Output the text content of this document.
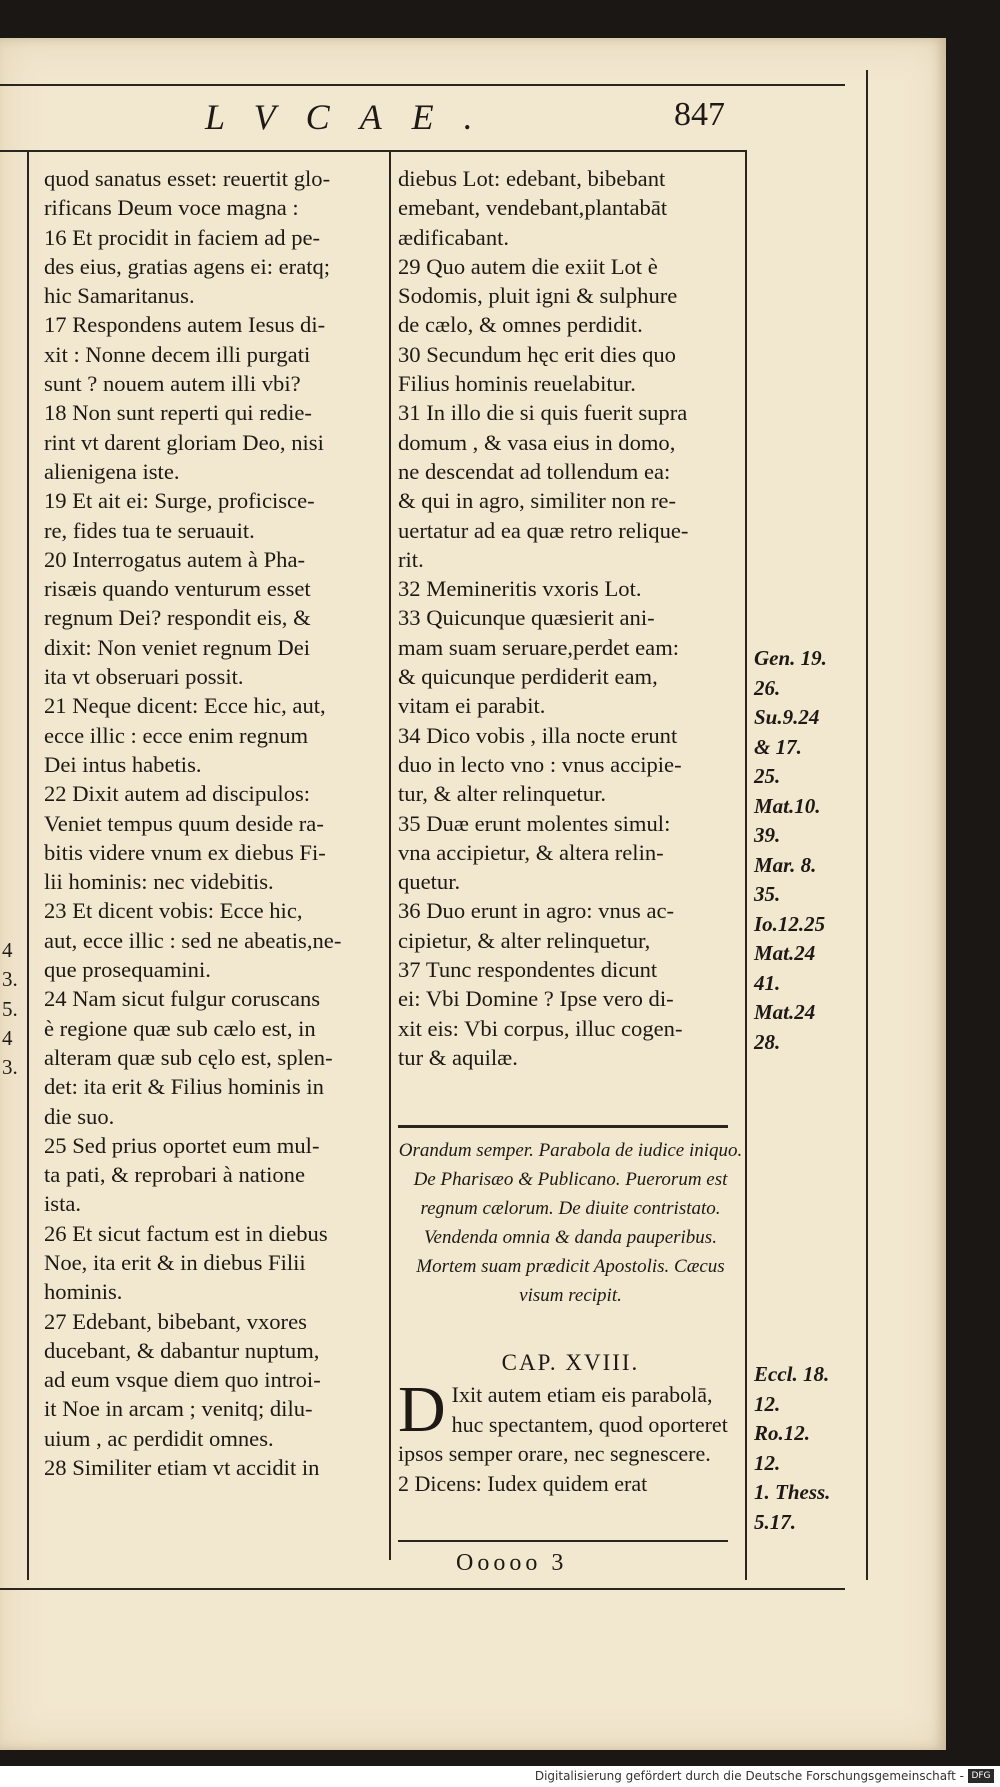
LVCAE.	847
quod sanatus esset: reuertit glo-
rificans Deum voce magna :
16 Et procidit in faciem ad pe-
des eius, gratias agens ei: eratq;
hic Samaritanus.
17 Respondens autem Iesus di-
xit : Nonne decem illi purgati
sunt ? nouem autem illi vbi?
18 Non sunt reperti qui redie-
rint vt darent gloriam Deo, nisi
alienigena iste.
19 Et ait ei: Surge, proficisce-
re, fides tua te seruauit.
20 Interrogatus autem à Pha-
risæis quando venturum esset
regnum Dei? respondit eis, &
dixit: Non veniet regnum Dei
ita vt obseruari possit.
21 Neque dicent: Ecce hic, aut,
ecce illic : ecce enim regnum
Dei intus habetis.
22 Dixit autem ad discipulos:
Veniet tempus quum deside ra-
bitis videre vnum ex diebus Fi-
lii hominis: nec videbitis.
23 Et dicent vobis: Ecce hic,
aut, ecce illic : sed ne abeatis,ne-
que prosequamini.
24 Nam sicut fulgur coruscans
è regione quæ sub cælo est, in
alteram quæ sub cęlo est, splen-
det: ita erit & Filius hominis in
die suo.
25 Sed prius oportet eum mul-
ta pati, & reprobari à natione
ista.
26 Et sicut factum est in diebus
Noe, ita erit & in diebus Filii
hominis.
27 Edebant, bibebant, vxores
ducebant, & dabantur nuptum,
ad eum vsque diem quo introi-
it Noe in arcam ; venitq; dilu-
uium , ac perdidit omnes.
28 Similiter etiam vt accidit in
diebus Lot: edebant, bibebant
emebant, vendebant,plantabāt
ædificabant.
29 Quo autem die exiit Lot è
Sodomis, pluit igni & sulphure
de cælo, & omnes perdidit.
30 Secundum hęc erit dies quo
Filius hominis reuelabitur.
31 In illo die si quis fuerit supra
domum , & vasa eius in domo,
ne descendat ad tollendum ea:
& qui in agro, similiter non re-
uertatur ad ea quæ retro relique-
rit.
32 Memineritis vxoris Lot.
33 Quicunque quæsierit ani-
mam suam seruare,perdet eam:
& quicunque perdiderit eam,
vitam ei parabit.
34 Dico vobis , illa nocte erunt
duo in lecto vno : vnus accipie-
tur, & alter relinquetur.
35 Duæ erunt molentes simul:
vna accipietur, & altera relin-
quetur.
36 Duo erunt in agro: vnus ac-
cipietur, & alter relinquetur,
37 Tunc respondentes dicunt
ei: Vbi Domine ? Ipse vero di-
xit eis: Vbi corpus, illuc cogen-
tur & aquilæ.
4
3.
5.
4
3.
Orandum semper. Parabola de iudice iniquo. De Pharisæo & Publicano. Puerorum est regnum cælorum. De diuite contristato. Vendenda omnia & danda pauperibus. Mortem suam prædicit Apostolis. Cæcus visum recipit.
CAP. XVIII.
D Ixit autem etiam eis parabolā, huc spectantem, quod oporteret ipsos semper orare, nec segnescere.
2 Dicens: Iudex quidem erat
Gen. 19.
26.
Su.9.24
& 17.
25.
Mat.10.
39.
Mar. 8.
35.
Io.12.25
Mat.24
41.
Mat.24
28.
Eccl. 18.
12.
Ro.12.
12.
1. Thess.
5.17.
Ooooo 3
Digitalisierung gefördert durch die Deutsche Forschungsgemeinschaft - DFG
